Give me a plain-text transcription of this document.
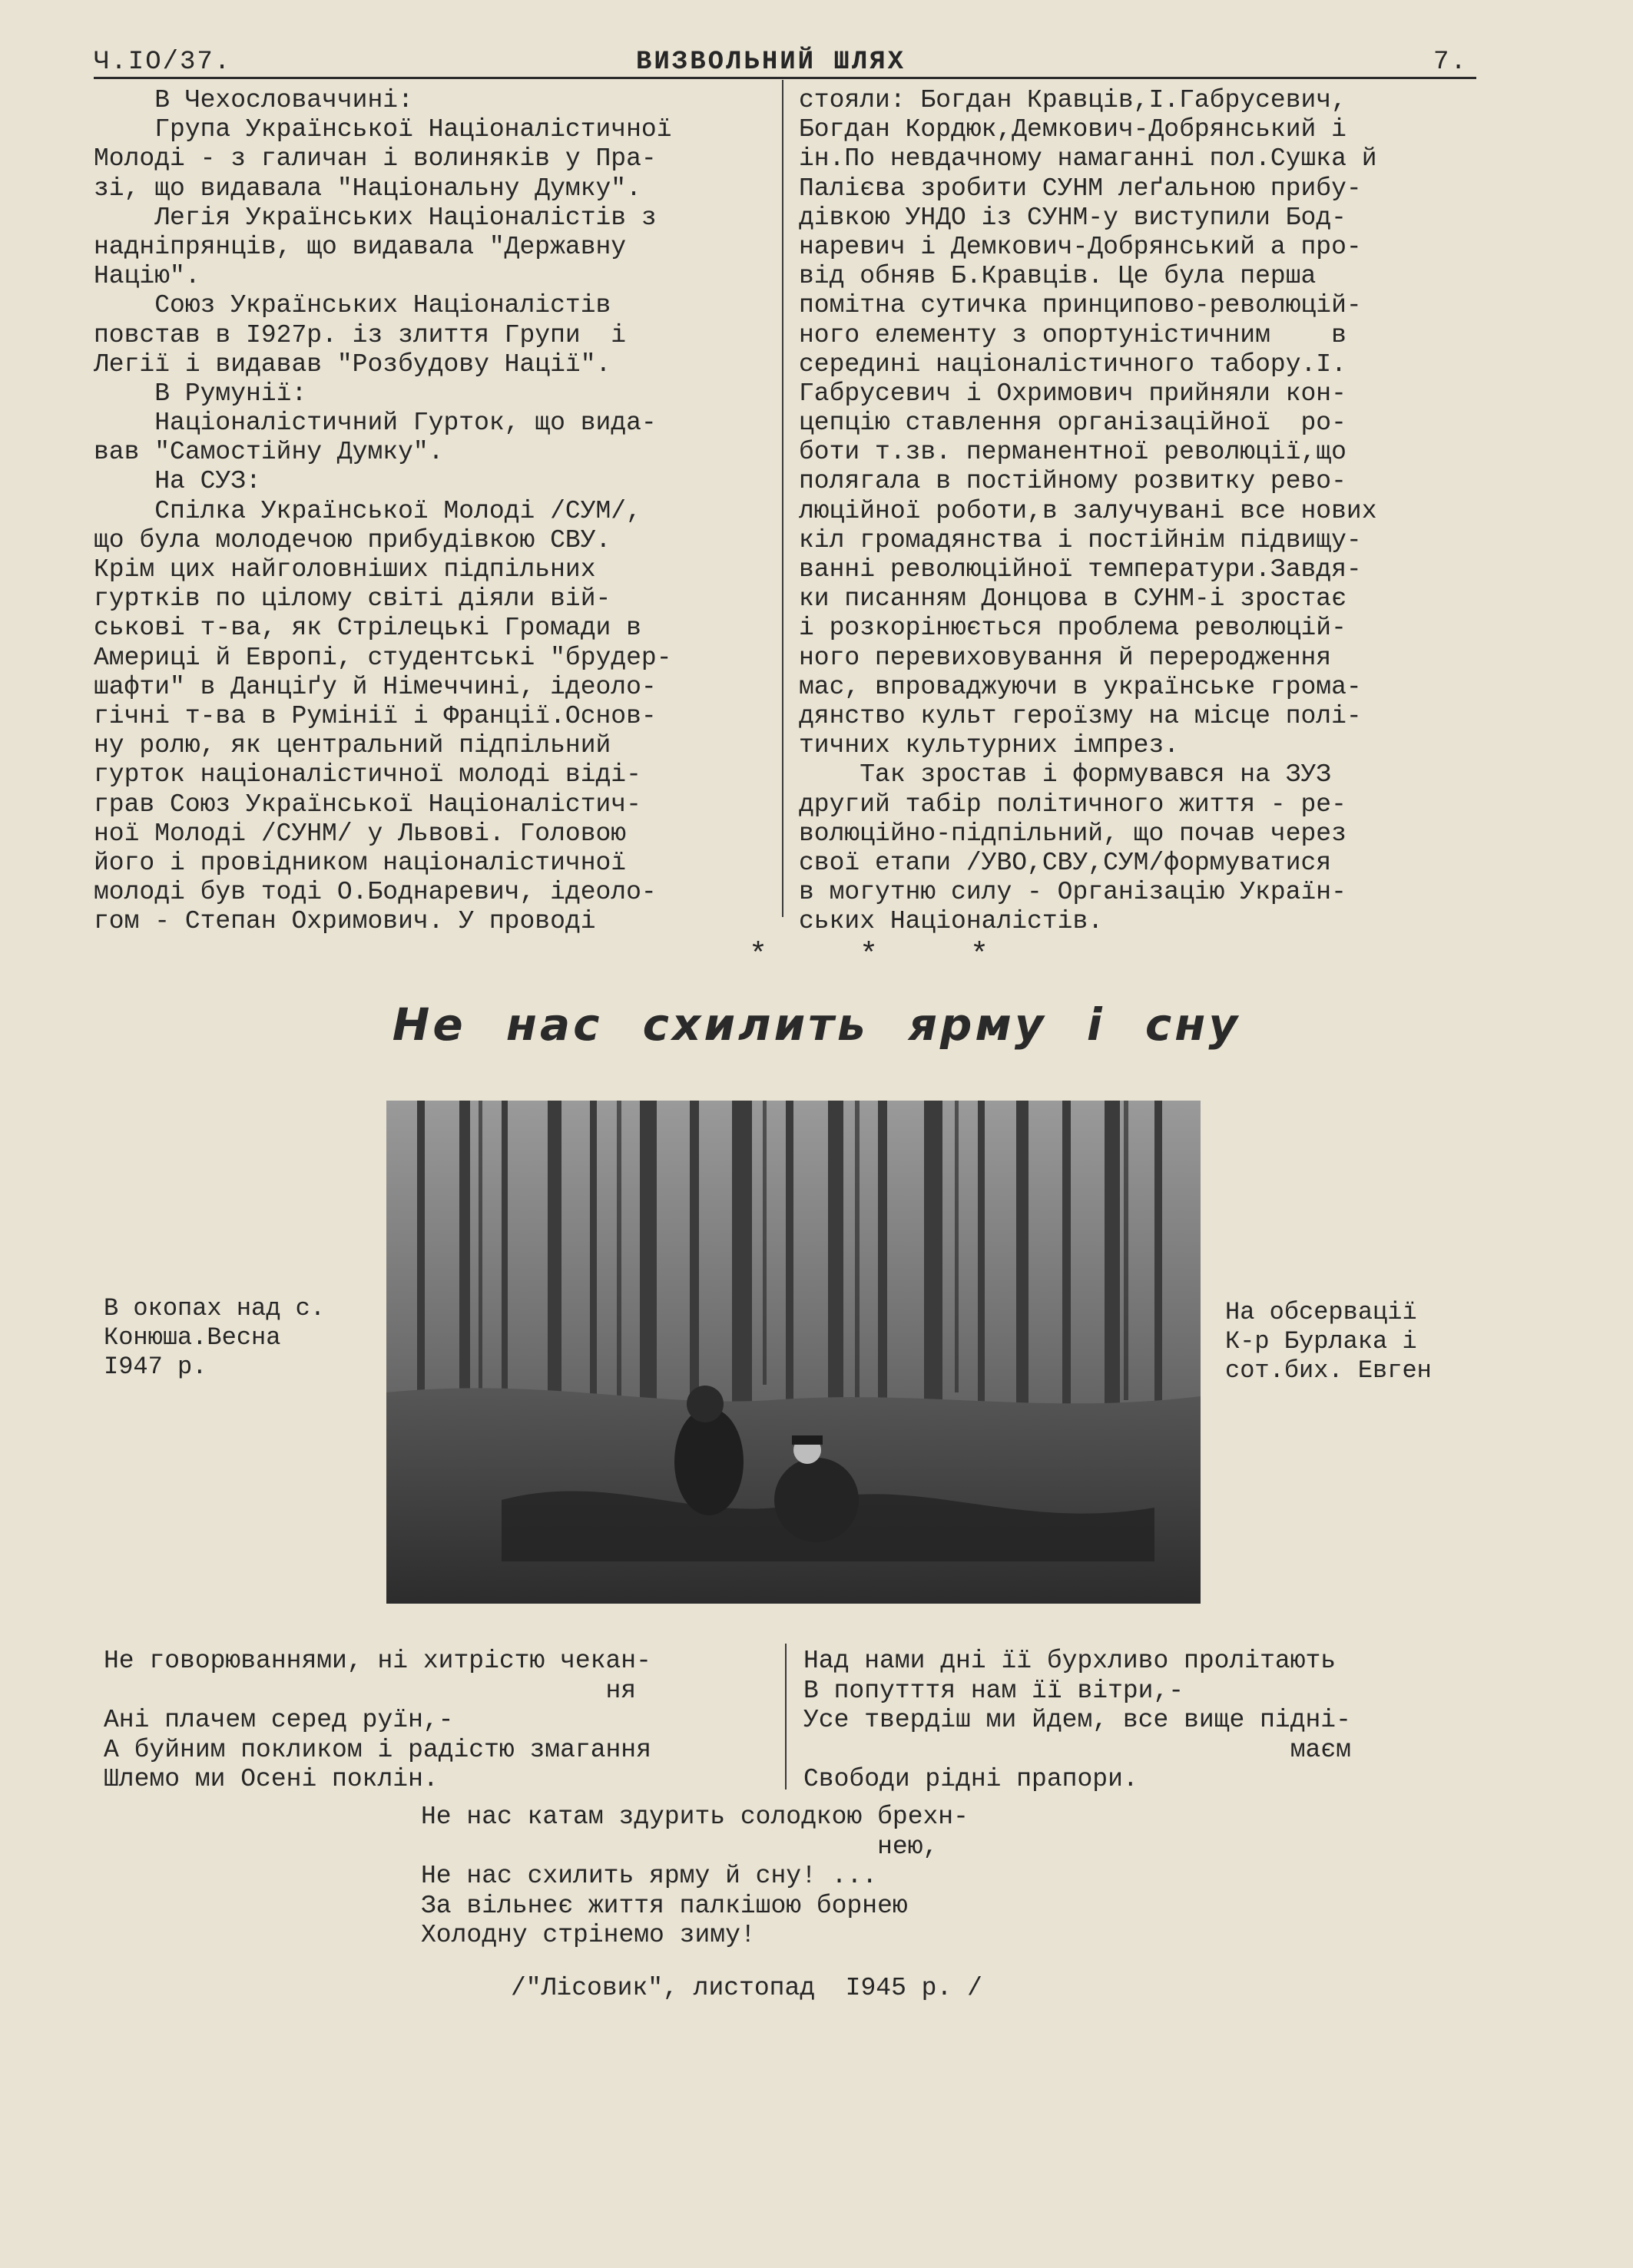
Ч.IO/37.	ВИЗВОЛЬНИЙ ШЛЯХ	7.
В Чехословаччині:
Група Української Націоналістичної
Молоді - з галичан і волиняків у Пра-
зі, що видавала "Національну Думку".
Легія Українських Націоналістів з
надніпрянців, що видавала "Державну
Націю".
Союз Українських Націоналістів
повстав в I927р. із злиття Групи  і
Легії і видавав "Розбудову Нації".
В Румунії:
Націоналістичний Гурток, що вида-
вав "Самостійну Думку".
На СУЗ:
Спілка Української Молоді /СУМ/,
що була молодечою прибудівкою СВУ.
Крім цих найголовніших підпільних
гуртків по цілому світі діяли вій-
ськові т-ва, як Стрілецькі Громади в
Америці й Европі, студентські "брудер-
шафти" в Данціґу й Німеччині, ідеоло-
гічні т-ва в Румінії і Франції.Основ-
ну ролю, як центральний підпільний
гурток націоналістичної молоді віді-
грав Союз Української Націоналістич-
ної Молоді /СУНМ/ у Львові. Головою
його і провідником націоналістичної
молоді був тоді О.Боднаревич, ідеоло-
гом - Степан Охримович. У проводі
стояли: Богдан Кравців,I.Габрусевич,
Богдан Кордюк,Демкович-Добрянський і
ін.По невдачному намаганні пол.Сушка й
Палієва зробити СУНМ леґальною прибу-
дівкою УНДО із СУНМ-у виступили Бод-
наревич і Демкович-Добрянський а про-
від обняв Б.Кравців. Це була перша
помітна сутичка принципово-революцій-
ного елементу з опортуністичним    в
середині націоналістичного табору.I.
Габрусевич і Охримович прийняли кон-
цепцію ставлення організаційної  ро-
боти т.зв. перманентної революції,що
полягала в постійному розвитку рево-
люційної роботи,в залучувані все нових
кіл громадянства і постійнім підвищу-
ванні революційної температури.Завдя-
ки писанням Донцова в СУНМ-і зростає
і розкорінюється проблема революцій-
ного перевиховування й переродження
мас, впроваджуючи в українське грома-
дянство культ героїзму на місце полі-
тичних культурних імпрез.
Так зростав і формувався на ЗУЗ
другий табір політичного життя - ре-
волюційно-підпільний, що почав через
свої етапи /УВО,СВУ,СУМ/формуватися
в могутню силу - Організацію Україн-
ських Націоналістів.
* * *
Не нас схилить ярму і сну
В окопах над с.
Конюша.Весна
I947 р.
На обсервації
К-р Бурлака і
сот.бих. Евген
Не говорюваннями, ні хитрістю чекан-
ня
Ані плачем серед руїн,-
А буйним покликом і радістю змагання
Шлемо ми Осені поклін.
Над нами дні її бурхливо пролітають
В попутття нам її вітри,-
Усе твердіш ми йдем, все вище підні-
маєм
Свободи рідні прапори.
Не нас катам здурить солодкою брехн-
нею,
Не нас схилить ярму й сну! ...
За вільнеє життя палкішою борнею
Холодну стрінемо зиму!
/"Лісовик", листопад  I945 р. /
